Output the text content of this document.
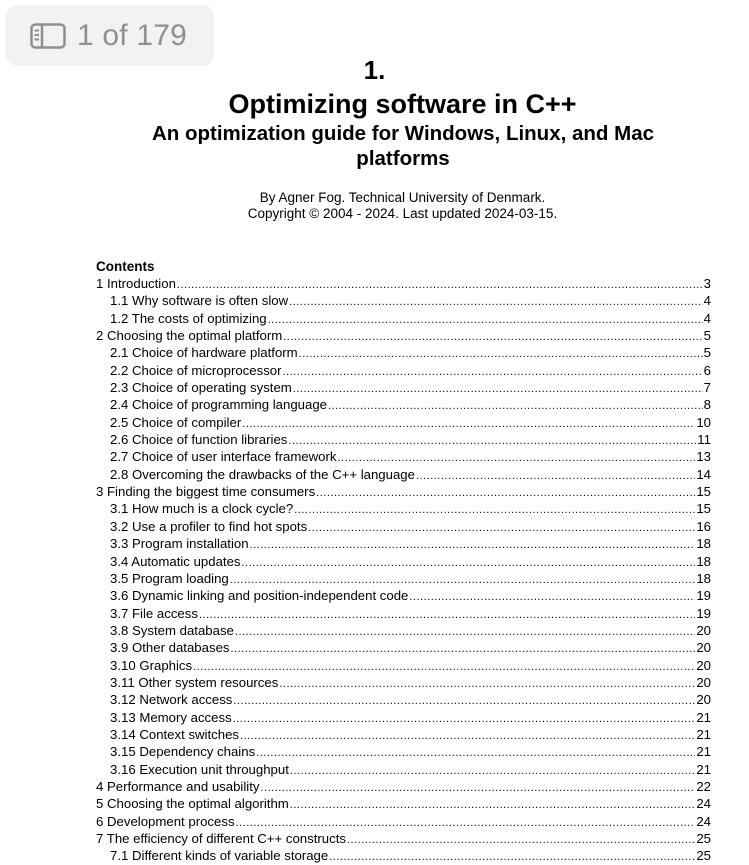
1 of 179
1.
Optimizing software in C++
An optimization guide for Windows, Linux, and Mac platforms
By Agner Fog. Technical University of Denmark.
Copyright © 2004 - 2024. Last updated 2024-03-15.
Contents
1 Introduction .....	3
1.1 Why software is often slow .....	4
1.2 The costs of optimizing .....	4
2 Choosing the optimal platform .....	5
2.1 Choice of hardware platform .....	5
2.2 Choice of microprocessor .....	6
2.3 Choice of operating system .....	7
2.4 Choice of programming language .....	8
2.5 Choice of compiler .....	10
2.6 Choice of function libraries .....	11
2.7 Choice of user interface framework .....	13
2.8 Overcoming the drawbacks of the C++ language .....	14
3 Finding the biggest time consumers .....	15
3.1 How much is a clock cycle? .....	15
3.2 Use a profiler to find hot spots .....	16
3.3 Program installation .....	18
3.4 Automatic updates .....	18
3.5 Program loading .....	18
3.6 Dynamic linking and position-independent code .....	19
3.7 File access .....	19
3.8 System database .....	20
3.9 Other databases .....	20
3.10 Graphics .....	20
3.11 Other system resources .....	20
3.12 Network access .....	20
3.13 Memory access .....	21
3.14 Context switches .....	21
3.15 Dependency chains .....	21
3.16 Execution unit throughput .....	21
4 Performance and usability .....	22
5 Choosing the optimal algorithm .....	24
6 Development process .....	24
7 The efficiency of different C++ constructs .....	25
7.1 Different kinds of variable storage .....	25
